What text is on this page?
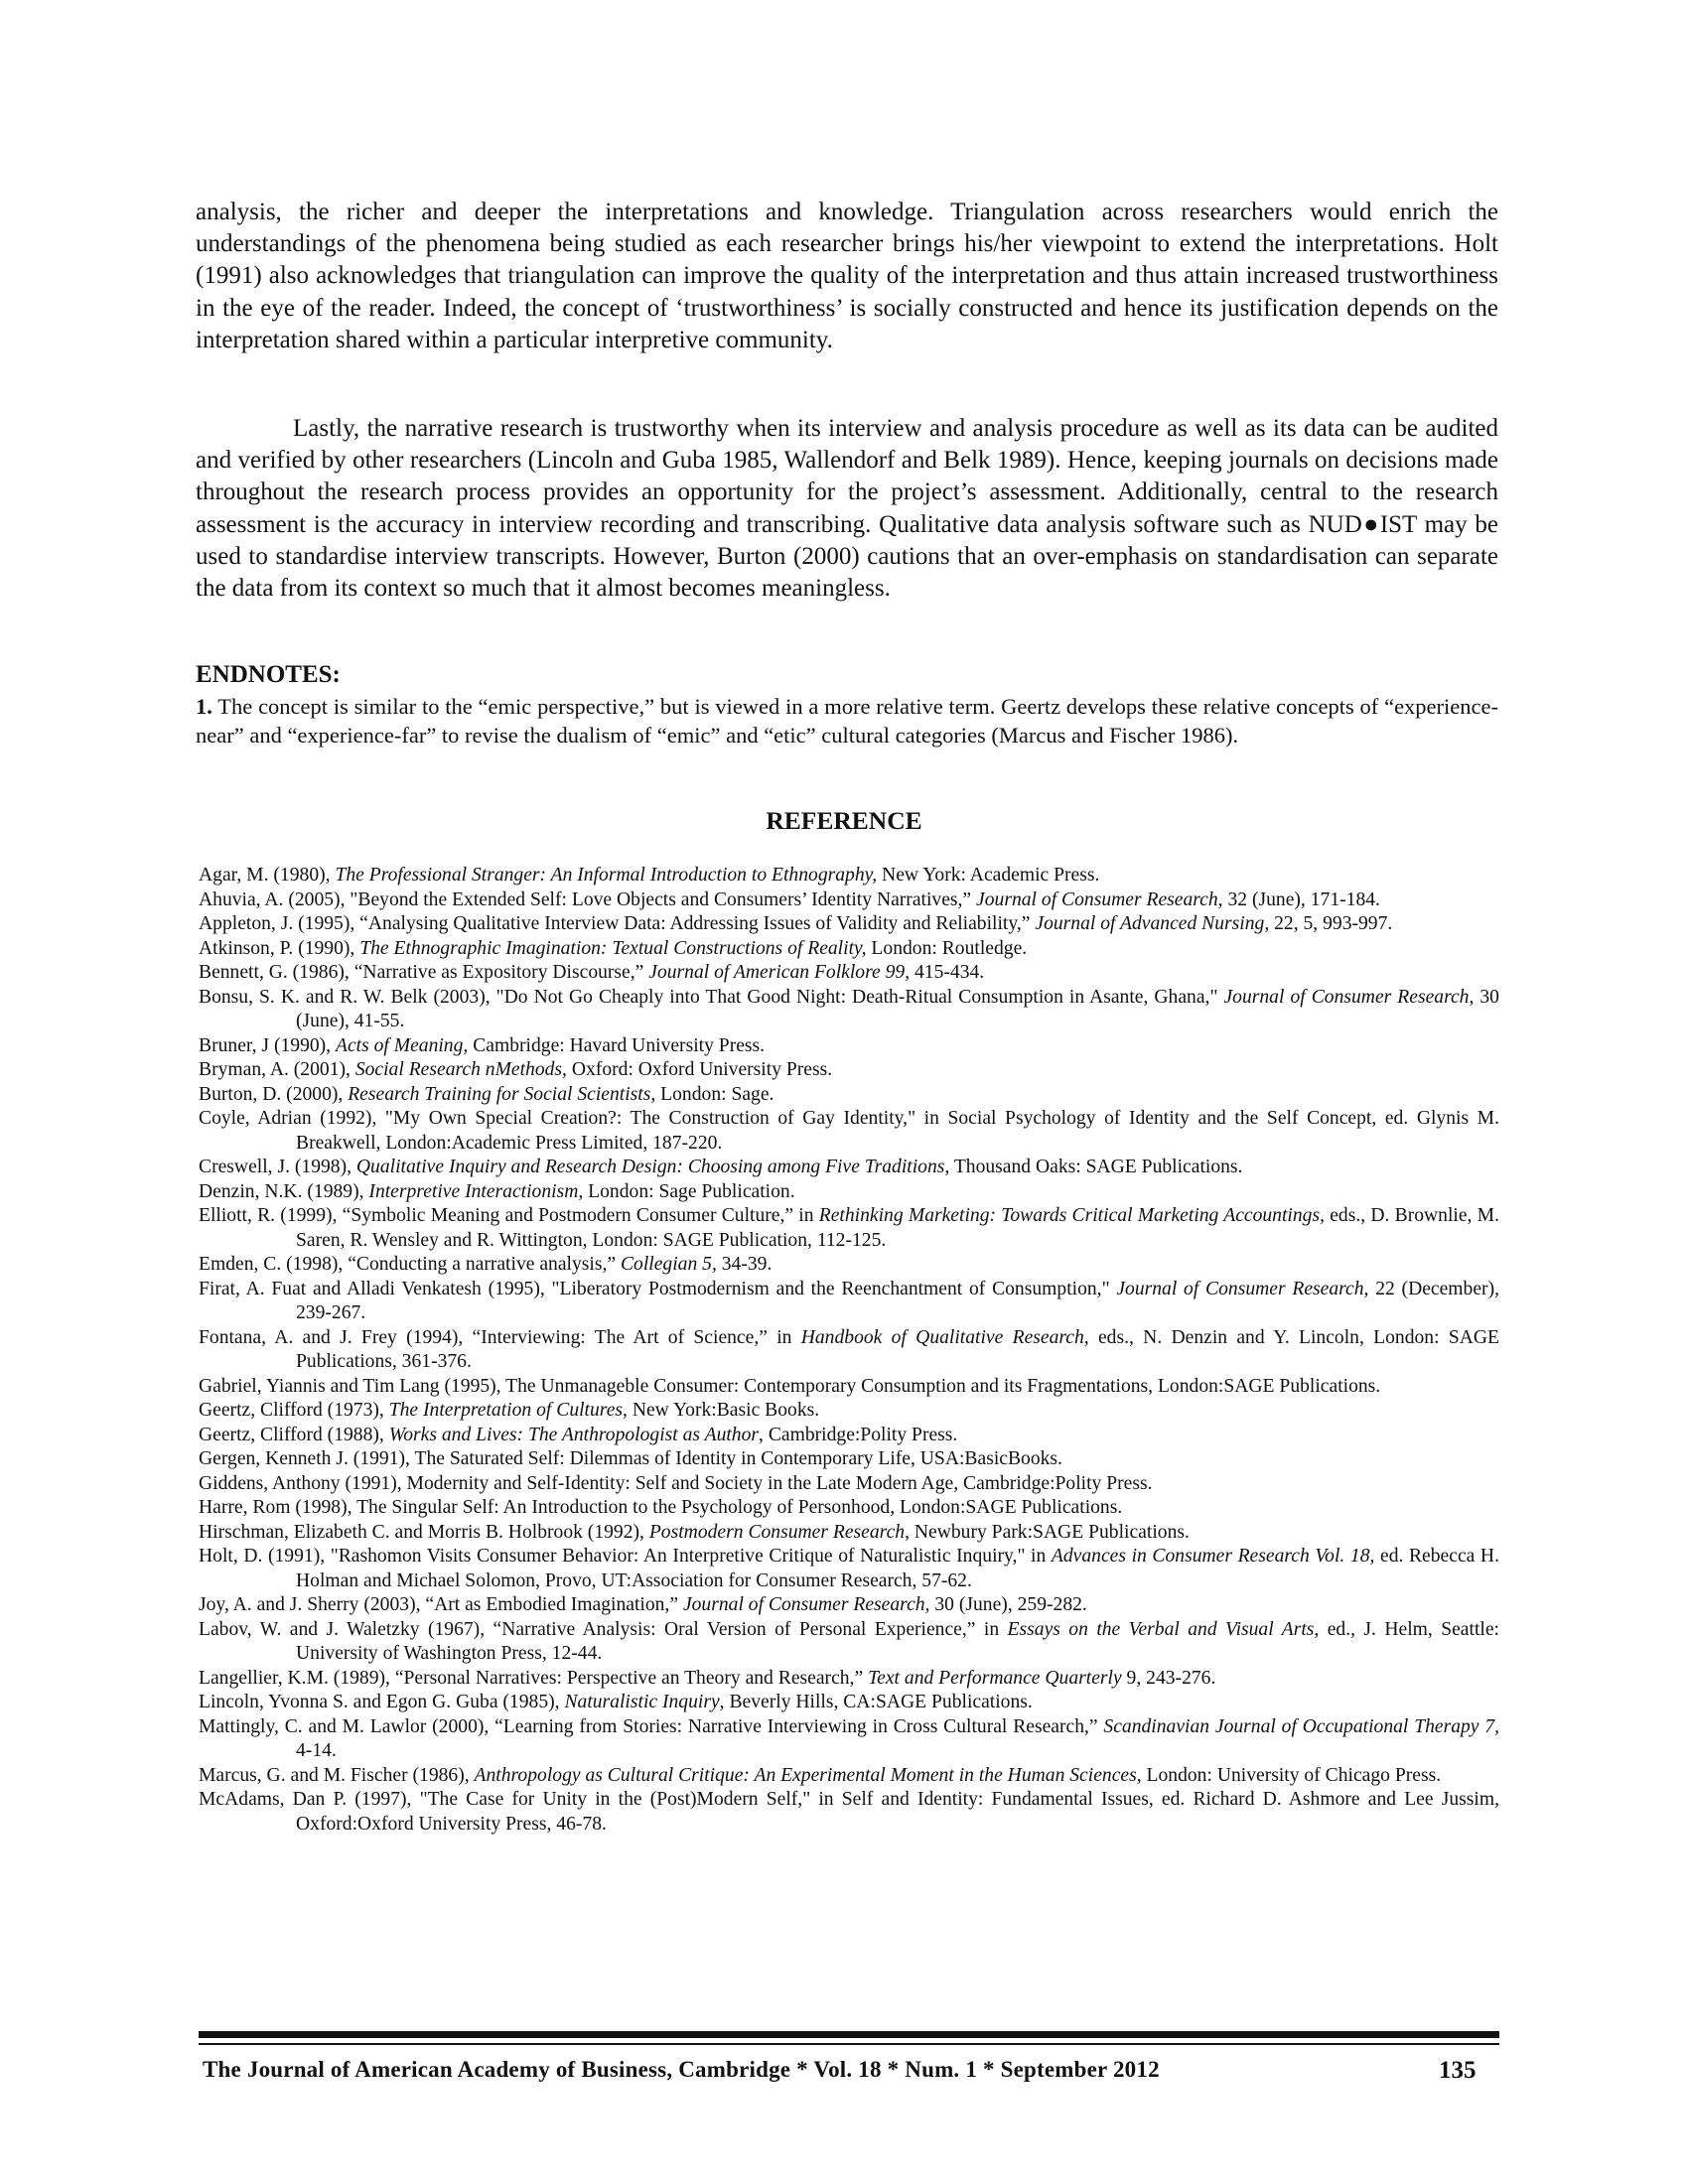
analysis, the richer and deeper the interpretations and knowledge. Triangulation across researchers would enrich the understandings of the phenomena being studied as each researcher brings his/her viewpoint to extend the interpretations. Holt (1991) also acknowledges that triangulation can improve the quality of the interpretation and thus attain increased trustworthiness in the eye of the reader. Indeed, the concept of ‘trustworthiness’ is socially constructed and hence its justification depends on the interpretation shared within a particular interpretive community.

Lastly, the narrative research is trustworthy when its interview and analysis procedure as well as its data can be audited and verified by other researchers (Lincoln and Guba 1985, Wallendorf and Belk 1989). Hence, keeping journals on decisions made throughout the research process provides an opportunity for the project’s assessment. Additionally, central to the research assessment is the accuracy in interview recording and transcribing. Qualitative data analysis software such as NUD●IST may be used to standardise interview transcripts. However, Burton (2000) cautions that an over-emphasis on standardisation can separate the data from its context so much that it almost becomes meaningless.

ENDNOTES:

1. The concept is similar to the “emic perspective,” but is viewed in a more relative term. Geertz develops these relative concepts of “experience-near” and “experience-far” to revise the dualism of “emic” and “etic” cultural categories (Marcus and Fischer 1986).

REFERENCE

Agar, M. (1980), The Professional Stranger: An Informal Introduction to Ethnography, New York: Academic Press.
Ahuvia, A. (2005), "Beyond the Extended Self: Love Objects and Consumers’ Identity Narratives,” Journal of Consumer Research, 32 (June), 171-184.
Appleton, J. (1995), “Analysing Qualitative Interview Data: Addressing Issues of Validity and Reliability,” Journal of Advanced Nursing, 22, 5, 993-997.
Atkinson, P. (1990), The Ethnographic Imagination: Textual Constructions of Reality, London: Routledge.
Bennett, G. (1986), “Narrative as Expository Discourse,” Journal of American Folklore 99, 415-434.
Bonsu, S. K. and R. W. Belk (2003), "Do Not Go Cheaply into That Good Night: Death-Ritual Consumption in Asante, Ghana," Journal of Consumer Research, 30 (June), 41-55.
Bruner, J (1990), Acts of Meaning, Cambridge: Havard University Press.
Bryman, A. (2001), Social Research nMethods, Oxford: Oxford University Press.
Burton, D. (2000), Research Training for Social Scientists, London: Sage.
Coyle, Adrian (1992), "My Own Special Creation?: The Construction of Gay Identity," in Social Psychology of Identity and the Self Concept, ed. Glynis M. Breakwell, London:Academic Press Limited, 187-220.
Creswell, J. (1998), Qualitative Inquiry and Research Design: Choosing among Five Traditions, Thousand Oaks: SAGE Publications.
Denzin, N.K. (1989), Interpretive Interactionism, London: Sage Publication.
Elliott, R. (1999), “Symbolic Meaning and Postmodern Consumer Culture,” in Rethinking Marketing: Towards Critical Marketing Accountings, eds., D. Brownlie, M. Saren, R. Wensley and R. Wittington, London: SAGE Publication, 112-125.
Emden, C. (1998), “Conducting a narrative analysis,” Collegian 5, 34-39.
Firat, A. Fuat and Alladi Venkatesh (1995), "Liberatory Postmodernism and the Reenchantment of Consumption," Journal of Consumer Research, 22 (December), 239-267.
Fontana, A. and J. Frey (1994), “Interviewing: The Art of Science,” in Handbook of Qualitative Research, eds., N. Denzin and Y. Lincoln, London: SAGE Publications, 361-376.
Gabriel, Yiannis and Tim Lang (1995), The Unmanageble Consumer: Contemporary Consumption and its Fragmentations, London:SAGE Publications.
Geertz, Clifford (1973), The Interpretation of Cultures, New York:Basic Books.
Geertz, Clifford (1988), Works and Lives: The Anthropologist as Author, Cambridge:Polity Press.
Gergen, Kenneth J. (1991), The Saturated Self: Dilemmas of Identity in Contemporary Life, USA:BasicBooks.
Giddens, Anthony (1991), Modernity and Self-Identity: Self and Society in the Late Modern Age, Cambridge:Polity Press.
Harre, Rom (1998), The Singular Self: An Introduction to the Psychology of Personhood, London:SAGE Publications.
Hirschman, Elizabeth C. and Morris B. Holbrook (1992), Postmodern Consumer Research, Newbury Park:SAGE Publications.
Holt, D. (1991), "Rashomon Visits Consumer Behavior: An Interpretive Critique of Naturalistic Inquiry," in Advances in Consumer Research Vol. 18, ed. Rebecca H. Holman and Michael Solomon, Provo, UT:Association for Consumer Research, 57-62.
Joy, A. and J. Sherry (2003), “Art as Embodied Imagination,” Journal of Consumer Research, 30 (June), 259-282.
Labov, W. and J. Waletzky (1967), “Narrative Analysis: Oral Version of Personal Experience,” in Essays on the Verbal and Visual Arts, ed., J. Helm, Seattle: University of Washington Press, 12-44.
Langellier, K.M. (1989), “Personal Narratives: Perspective an Theory and Research,” Text and Performance Quarterly 9, 243-276.
Lincoln, Yvonna S. and Egon G. Guba (1985), Naturalistic Inquiry, Beverly Hills, CA:SAGE Publications.
Mattingly, C. and M. Lawlor (2000), “Learning from Stories: Narrative Interviewing in Cross Cultural Research,” Scandinavian Journal of Occupational Therapy 7, 4-14.
Marcus, G. and M. Fischer (1986), Anthropology as Cultural Critique: An Experimental Moment in the Human Sciences, London: University of Chicago Press.
McAdams, Dan P. (1997), "The Case for Unity in the (Post)Modern Self," in Self and Identity: Fundamental Issues, ed. Richard D. Ashmore and Lee Jussim, Oxford:Oxford University Press, 46-78.

The Journal of American Academy of Business, Cambridge * Vol. 18 * Num. 1 * September 2012	135
